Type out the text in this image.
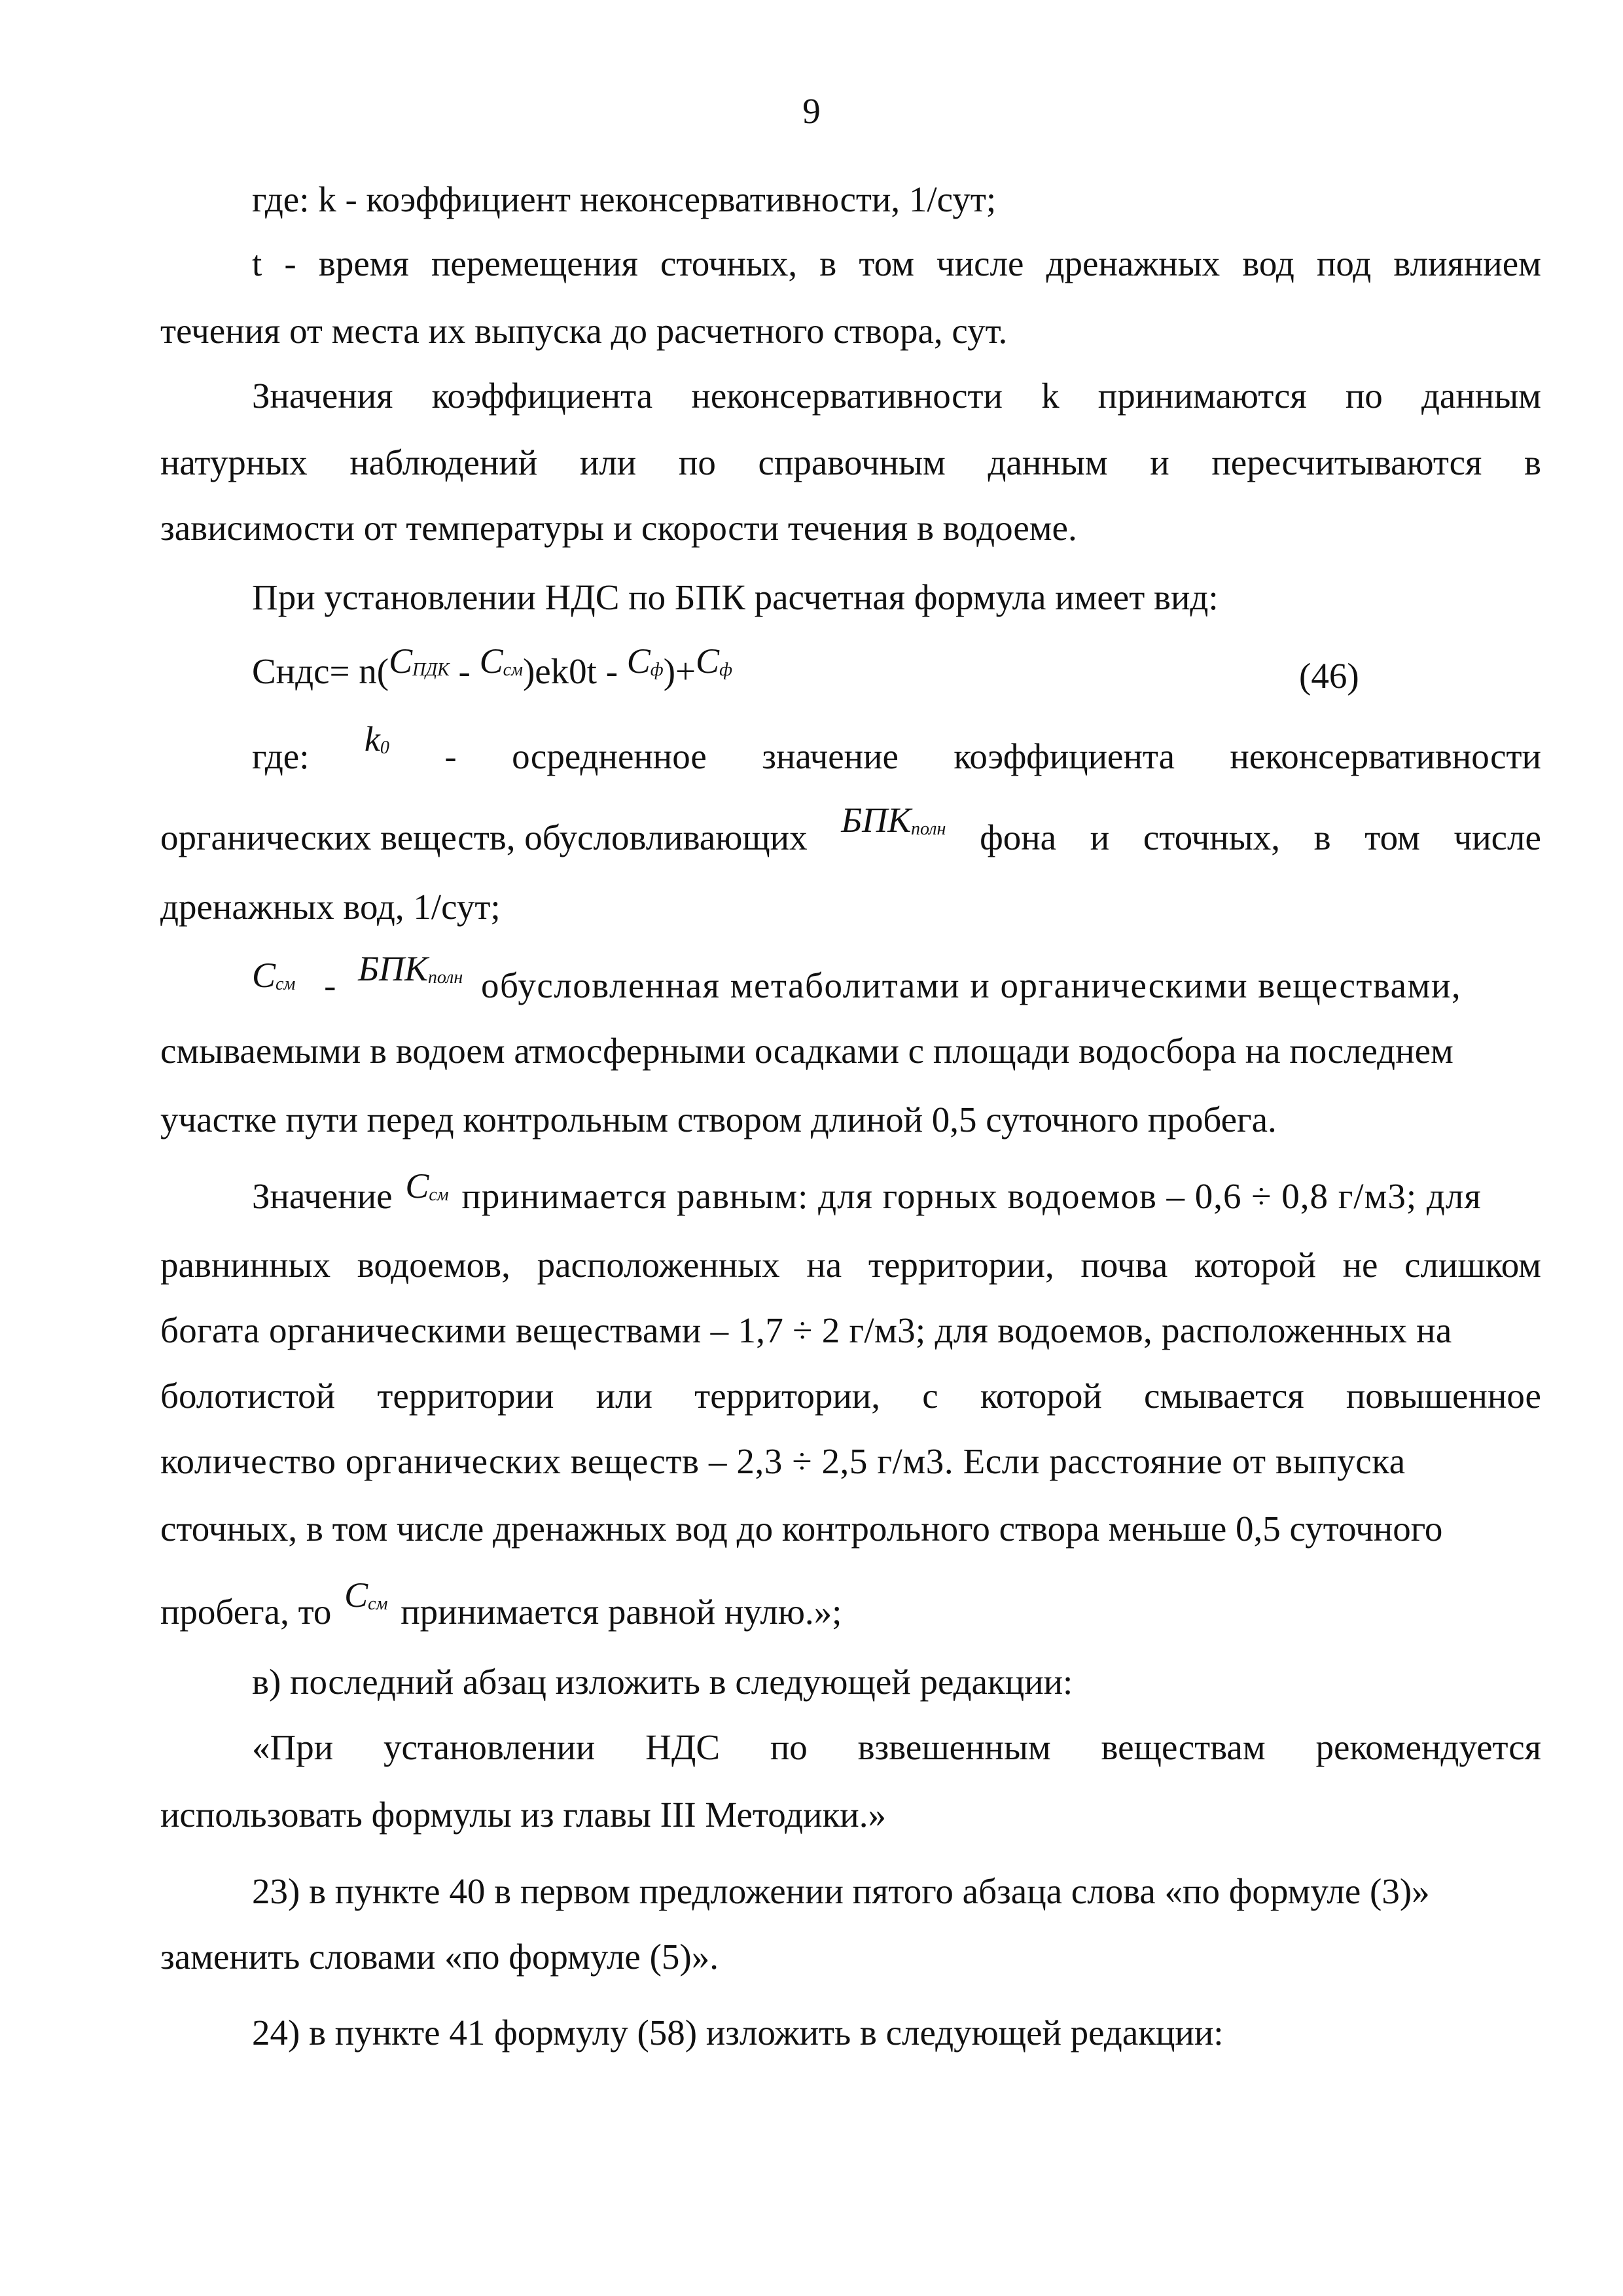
9
где: k - коэффициент неконсервативности, 1/сут;
t - время перемещения сточных, в том числе дренажных вод под влиянием
течения от места их выпуска до расчетного створа, сут.
Значения коэффициента неконсервативности k принимаются по данным
натурных наблюдений или по справочным данным и пересчитываются в
зависимости от температуры и скорости течения в водоеме.
При установлении НДС по БПК расчетная формула имеет вид:
Cндс= $n(С_{ПДК} - С_{см})ek0t - С_ф)+С_ф$	(46)
где: $k_0$ - осредненное значение коэффициента неконсервативности
органических веществ, обусловливающих $БПК_{полн}$ фона и сточных, в том числе
дренажных вод, 1/сут;
$С_{см} - БПК_{полн}$ обусловленная метаболитами и органическими веществами,
смываемыми в водоем атмосферными осадками с площади водосбора на последнем
участке пути перед контрольным створом длиной 0,5 суточного пробега.
Значение $С_{см}$ принимается равным: для горных водоемов – 0,6 ÷ 0,8 г/м3; для
равнинных водоемов, расположенных на территории, почва которой не слишком
богата органическими веществами – 1,7 ÷ 2 г/м3; для водоемов, расположенных на
болотистой территории или территории, с которой смывается повышенное
количество органических веществ – 2,3 ÷ 2,5 г/м3. Если расстояние от выпуска
сточных, в том числе дренажных вод до контрольного створа меньше 0,5 суточного
пробега, то $С_{см}$ принимается равной нулю.»;
в) последний абзац изложить в следующей редакции:
«При установлении НДС по взвешенным веществам рекомендуется
использовать формулы из главы III Методики.»
23) в пункте 40 в первом предложении пятого абзаца слова «по формуле (3)»
заменить словами «по формуле (5)».
24) в пункте 41 формулу (58) изложить в следующей редакции:
